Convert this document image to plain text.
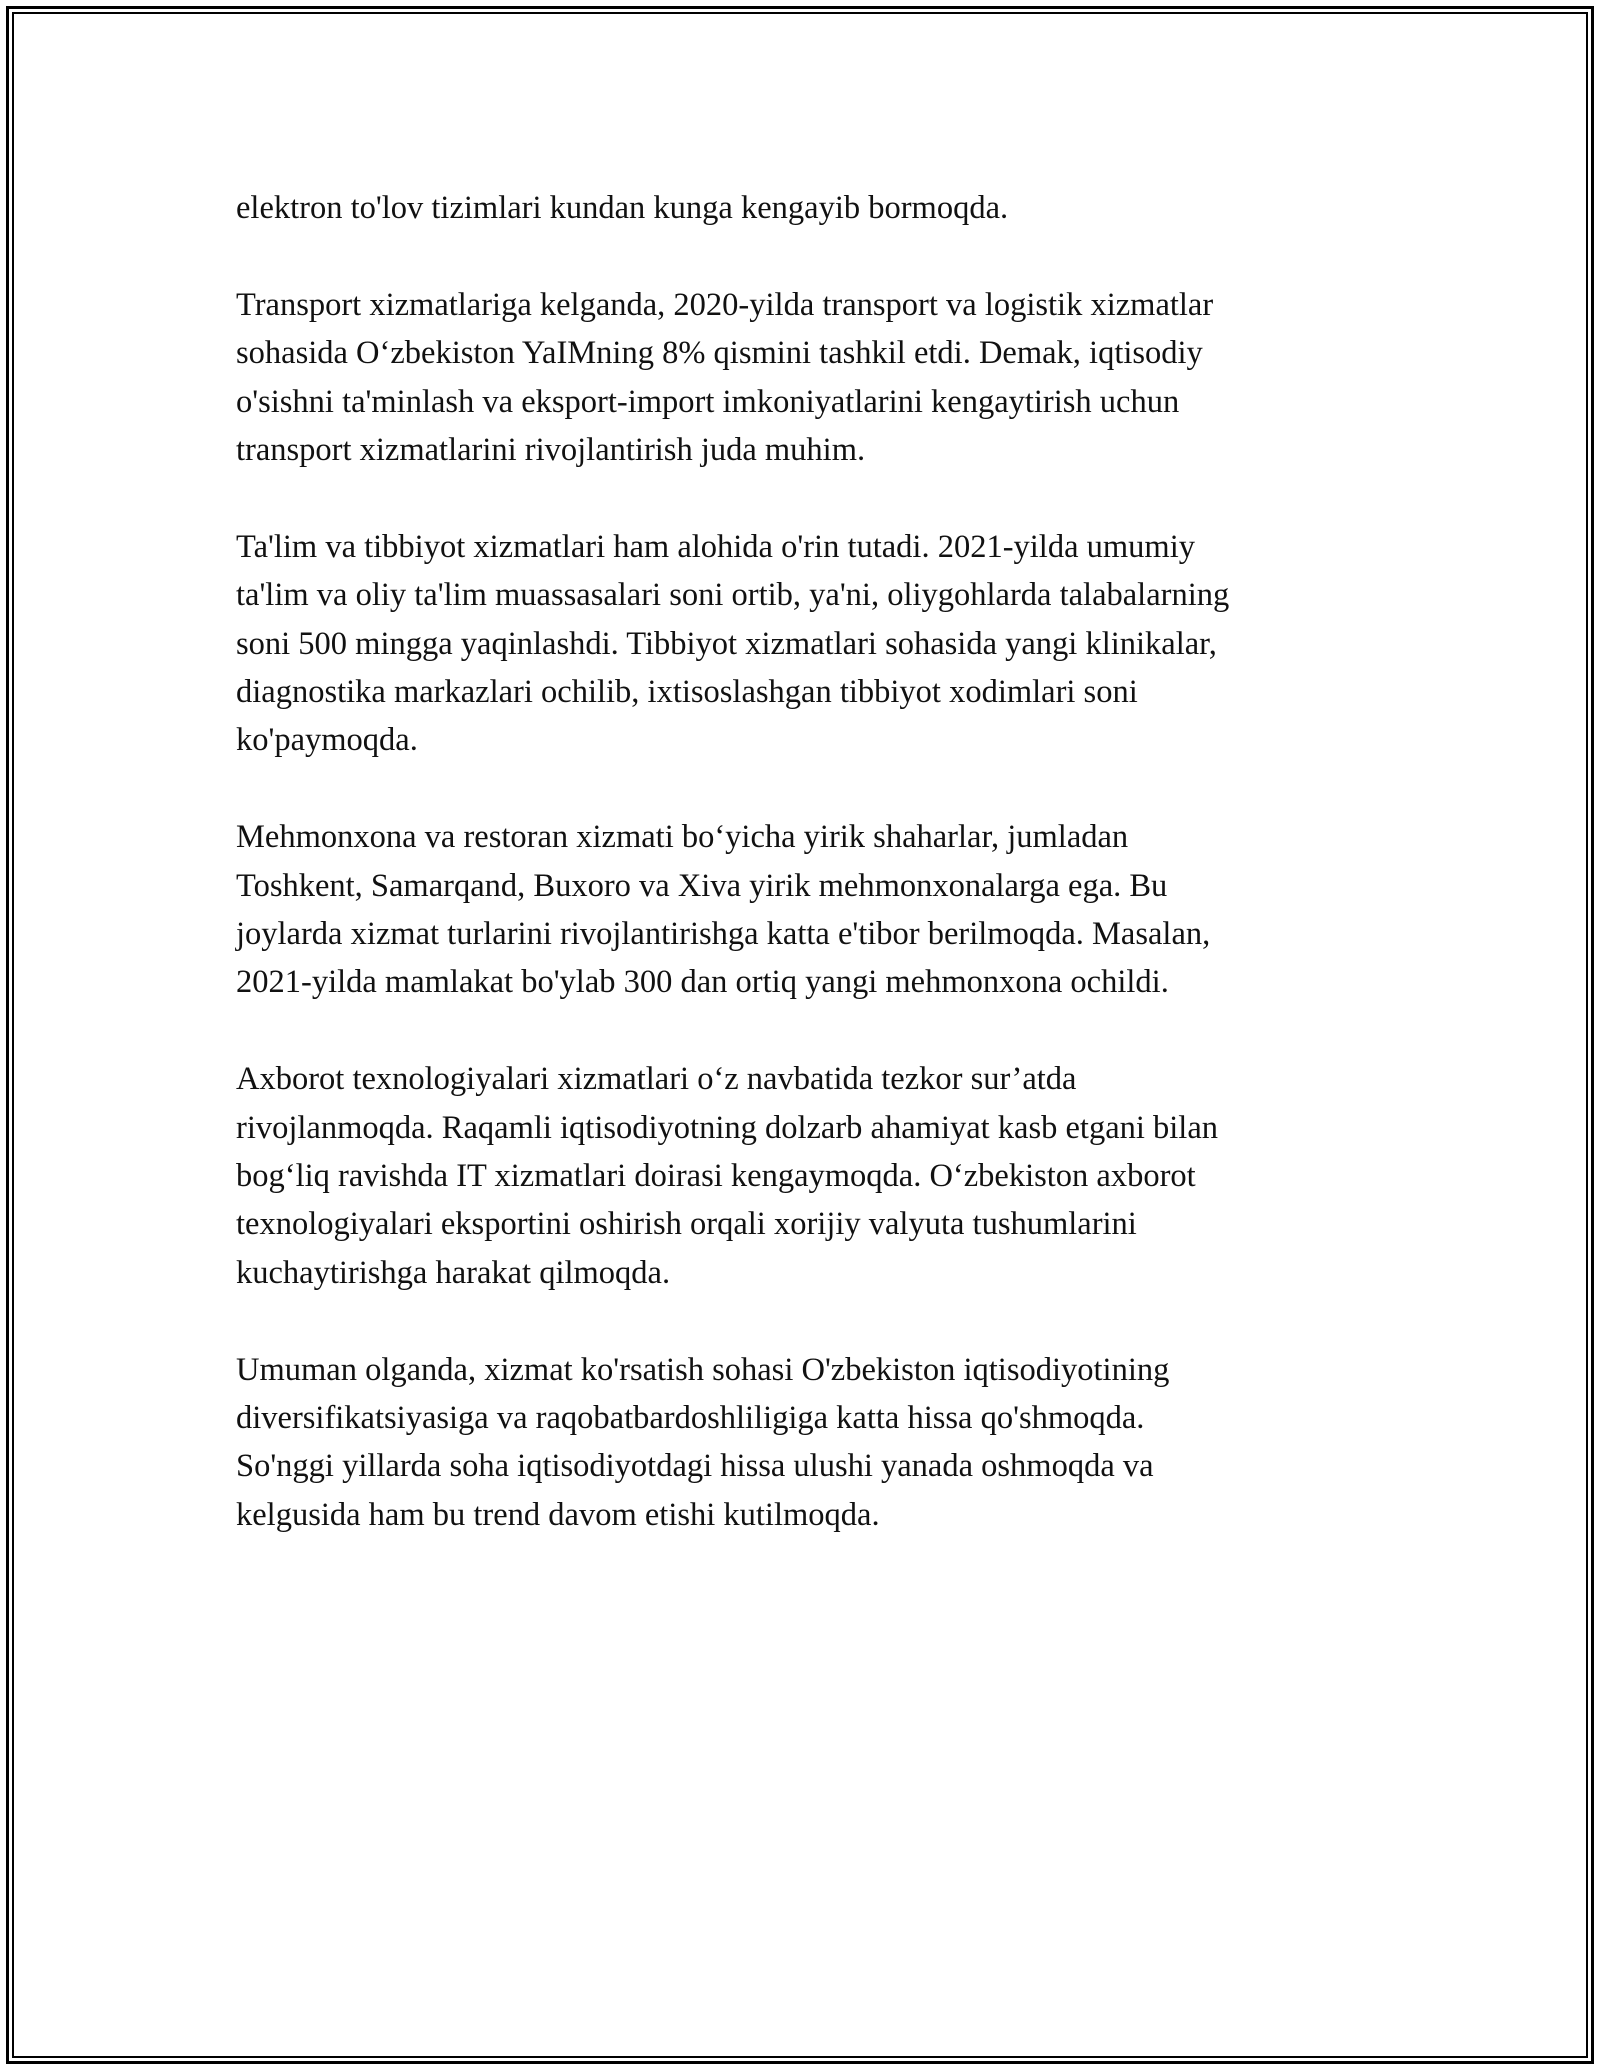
elektron to'lov tizimlari kundan kunga kengayib bormoqda.

Transport xizmatlariga kelganda, 2020-yilda transport va logistik xizmatlar
sohasida O‘zbekiston YaIMning 8% qismini tashkil etdi. Demak, iqtisodiy
o'sishni ta'minlash va eksport-import imkoniyatlarini kengaytirish uchun
transport xizmatlarini rivojlantirish juda muhim.

Ta'lim va tibbiyot xizmatlari ham alohida o'rin tutadi. 2021-yilda umumiy
ta'lim va oliy ta'lim muassasalari soni ortib, ya'ni, oliygohlarda talabalarning
soni 500 mingga yaqinlashdi. Tibbiyot xizmatlari sohasida yangi klinikalar,
diagnostika markazlari ochilib, ixtisoslashgan tibbiyot xodimlari soni
ko'paymoqda.

Mehmonxona va restoran xizmati bo‘yicha yirik shaharlar, jumladan
Toshkent, Samarqand, Buxoro va Xiva yirik mehmonxonalarga ega. Bu
joylarda xizmat turlarini rivojlantirishga katta e'tibor berilmoqda. Masalan,
2021-yilda mamlakat bo'ylab 300 dan ortiq yangi mehmonxona ochildi.

Axborot texnologiyalari xizmatlari o‘z navbatida tezkor sur’atda
rivojlanmoqda. Raqamli iqtisodiyotning dolzarb ahamiyat kasb etgani bilan
bog‘liq ravishda IT xizmatlari doirasi kengaymoqda. O‘zbekiston axborot
texnologiyalari eksportini oshirish orqali xorijiy valyuta tushumlarini
kuchaytirishga harakat qilmoqda.

Umuman olganda, xizmat ko'rsatish sohasi O'zbekiston iqtisodiyotining
diversifikatsiyasiga va raqobatbardoshliligiga katta hissa qo'shmoqda.
So'nggi yillarda soha iqtisodiyotdagi hissa ulushi yanada oshmoqda va
kelgusida ham bu trend davom etishi kutilmoqda.
